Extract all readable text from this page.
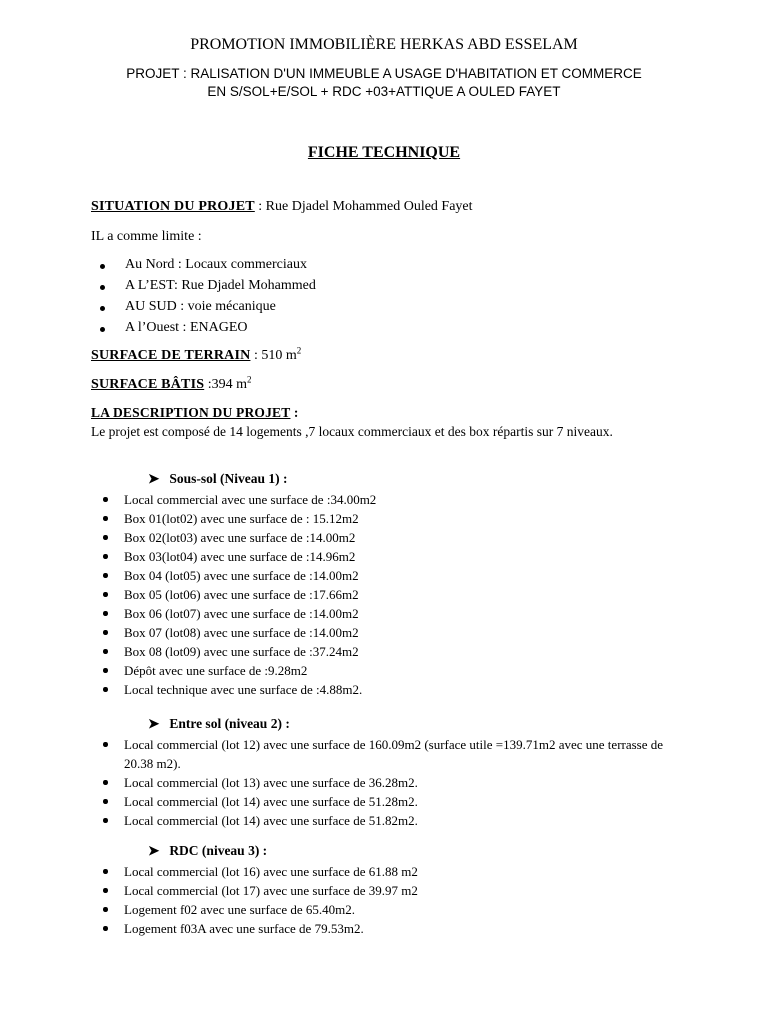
PROMOTION IMMOBILIÈRE HERKAS ABD ESSELAM
PROJET : RALISATION D'UN IMMEUBLE A USAGE D'HABITATION ET COMMERCE
EN S/SOL+E/SOL + RDC +03+ATTIQUE A OULED FAYET
FICHE TECHNIQUE
SITUATION DU PROJET : Rue Djadel Mohammed Ouled Fayet
IL a comme limite :
Au Nord : Locaux commerciaux
A L’EST: Rue Djadel Mohammed
AU SUD : voie mécanique
A l’Ouest : ENAGEO
SURFACE DE TERRAIN : 510 $m^2$
SURFACE BÂTIS :394 $m^2$
LA DESCRIPTION DU PROJET :
Le projet est composé de 14 logements ,7 locaux commerciaux et des box répartis sur 7 niveaux.
➤ Sous-sol (Niveau 1) :
Local commercial avec une surface de :34.00m2
Box 01(lot02) avec une surface de : 15.12m2
Box 02(lot03) avec une surface de :14.00m2
Box 03(lot04) avec une surface de :14.96m2
Box 04 (lot05) avec une surface de :14.00m2
Box 05 (lot06) avec une surface de :17.66m2
Box 06 (lot07) avec une surface de :14.00m2
Box 07 (lot08) avec une surface de :14.00m2
Box 08 (lot09) avec une surface de :37.24m2
Dépôt avec une surface de :9.28m2
Local technique avec une surface de :4.88m2.
➤ Entre sol (niveau 2) :
Local commercial (lot 12) avec une surface de 160.09m2 (surface utile =139.71m2 avec une terrasse de 20.38 m2).
Local commercial (lot 13) avec une surface de 36.28m2.
Local commercial (lot 14) avec une surface de 51.28m2.
Local commercial (lot 14) avec une surface de 51.82m2.
➤ RDC (niveau 3) :
Local commercial (lot 16) avec une surface de 61.88 m2
Local commercial (lot 17) avec une surface de 39.97 m2
Logement f02 avec une surface de 65.40m2.
Logement f03A avec une surface de 79.53m2.
